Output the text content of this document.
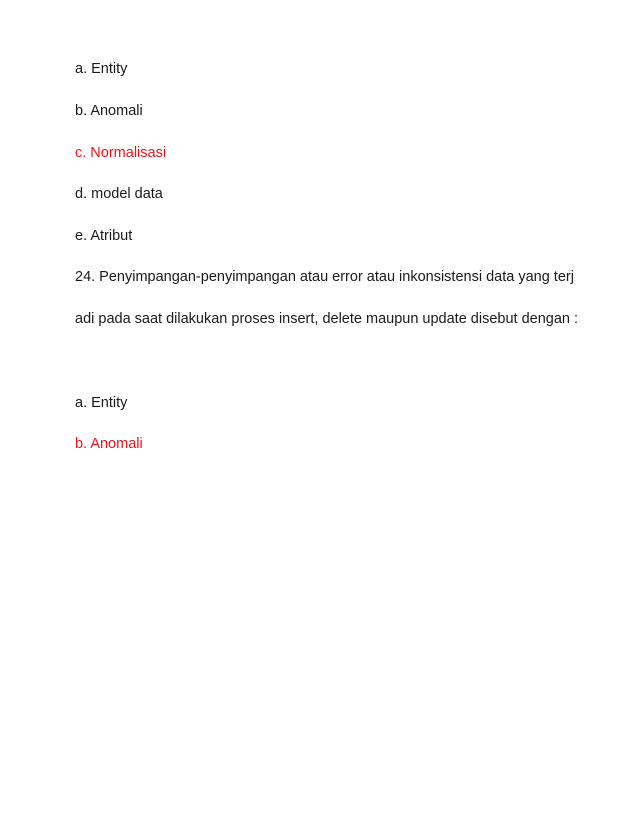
a. Entity
b. Anomali
c. Normalisasi
d. model data
e. Atribut
24. Penyimpangan-penyimpangan atau error atau inkonsistensi data yang terj
adi pada saat dilakukan proses insert, delete maupun update disebut dengan :
a. Entity
b. Anomali
